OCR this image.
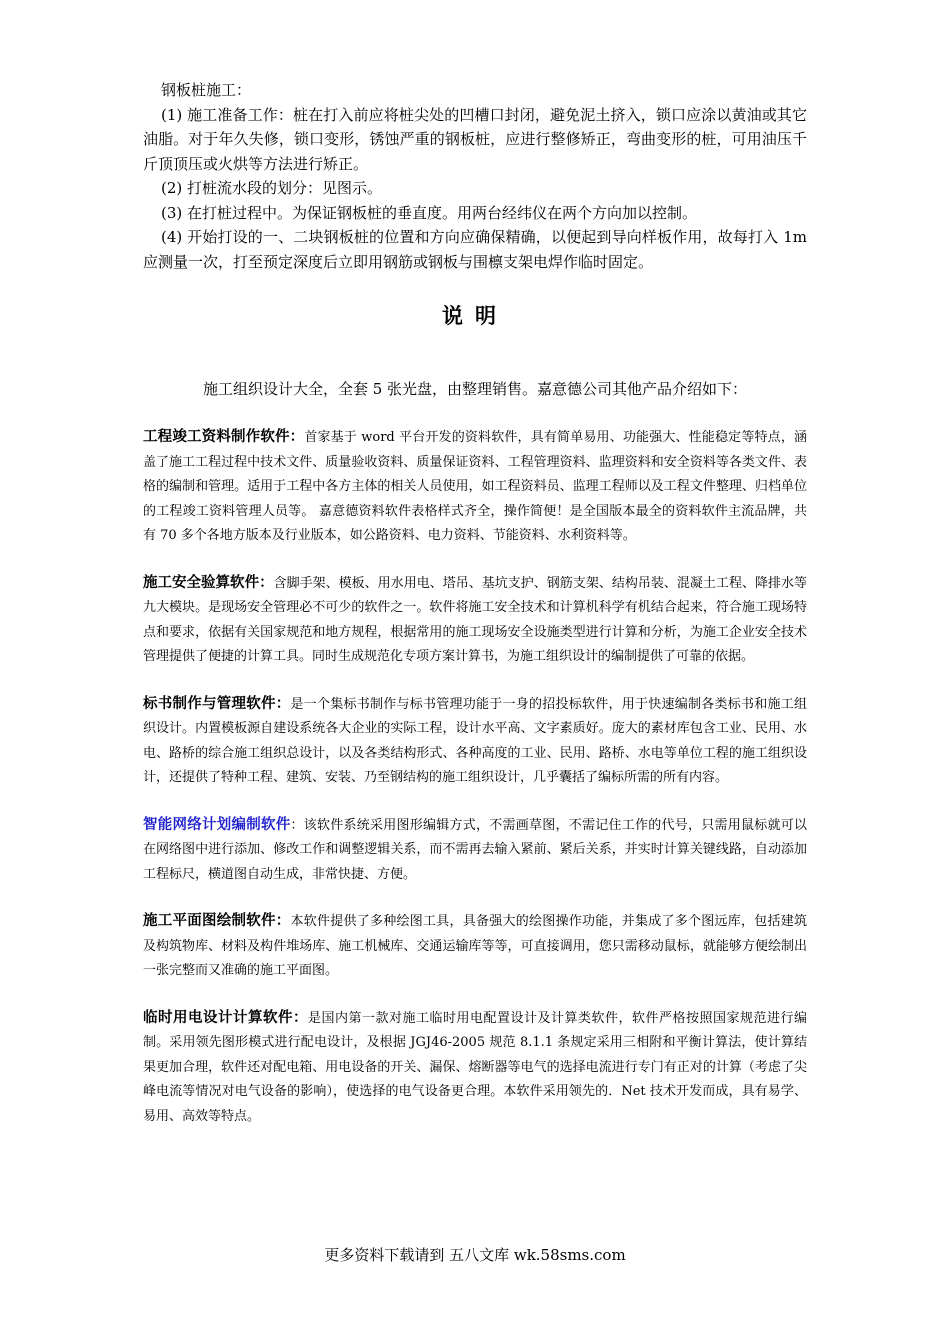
钢板桩施工：

(1) 施工准备工作：桩在打入前应将桩尖处的凹槽口封闭，避免泥土挤入，锁口应涂以黄油或其它油脂。对于年久失修，锁口变形，锈蚀严重的钢板桩，应进行整修矫正，弯曲变形的桩，可用油压千斤顶顶压或火烘等方法进行矫正。

(2) 打桩流水段的划分：见图示。

(3) 在打桩过程中。为保证钢板桩的垂直度。用两台经纬仪在两个方向加以控制。

(4) 开始打设的一、二块钢板桩的位置和方向应确保精确，以便起到导向样板作用，故每打入 1m 应测量一次，打至预定深度后立即用钢筋或钢板与围檩支架电焊作临时固定。

说明
施工组织设计大全，全套 5 张光盘，由整理销售。嘉意德公司其他产品介绍如下：

工程竣工资料制作软件：首家基于 word 平台开发的资料软件，具有简单易用、功能强大、性能稳定等特点，涵盖了施工工程过程中技术文件、质量验收资料、质量保证资料、工程管理资料、监理资料和安全资料等各类文件、表格的编制和管理。适用于工程中各方主体的相关人员使用，如工程资料员、监理工程师以及工程文件整理、归档单位的工程竣工资料管理人员等。 嘉意德资料软件表格样式齐全，操作简便！是全国版本最全的资料软件主流品牌，共有 70 多个各地方版本及行业版本，如公路资料、电力资料、节能资料、水利资料等。

施工安全验算软件：含脚手架、模板、用水用电、塔吊、基坑支护、钢筋支架、结构吊装、混凝土工程、降排水等九大模块。是现场安全管理必不可少的软件之一。软件将施工安全技术和计算机科学有机结合起来，符合施工现场特点和要求，依据有关国家规范和地方规程，根据常用的施工现场安全设施类型进行计算和分析，为施工企业安全技术管理提供了便捷的计算工具。同时生成规范化专项方案计算书，为施工组织设计的编制提供了可靠的依据。

标书制作与管理软件：是一个集标书制作与标书管理功能于一身的招投标软件，用于快速编制各类标书和施工组织设计。内置模板源自建设系统各大企业的实际工程，设计水平高、文字素质好。庞大的素材库包含工业、民用、水电、路桥的综合施工组织总设计，以及各类结构形式、各种高度的工业、民用、路桥、水电等单位工程的施工组织设计，还提供了特种工程、建筑、安装、乃至钢结构的施工组织设计，几乎囊括了编标所需的所有内容。

智能网络计划编制软件：该软件系统采用图形编辑方式，不需画草图，不需记住工作的代号，只需用鼠标就可以在网络图中进行添加、修改工作和调整逻辑关系，而不需再去输入紧前、紧后关系，并实时计算关键线路，自动添加工程标尺，横道图自动生成，非常快捷、方便。

施工平面图绘制软件：本软件提供了多种绘图工具，具备强大的绘图操作功能，并集成了多个图远库，包括建筑及构筑物库、材料及构件堆场库、施工机械库、交通运输库等等，可直接调用，您只需移动鼠标，就能够方便绘制出一张完整而又准确的施工平面图。

临时用电设计计算软件：是国内第一款对施工临时用电配置设计及计算类软件，软件严格按照国家规范进行编制。采用领先图形模式进行配电设计，及根据 JGJ46-2005 规范 8.1.1 条规定采用三相附和平衡计算法，使计算结果更加合理，软件还对配电箱、用电设备的开关、漏保、熔断器等电气的选择电流进行专门有正对的计算（考虑了尖峰电流等情况对电气设备的影响），使选择的电气设备更合理。本软件采用领先的．Net 技术开发而成，具有易学、易用、高效等特点。

更多资料下载请到 五八文库 wk.58sms.com
